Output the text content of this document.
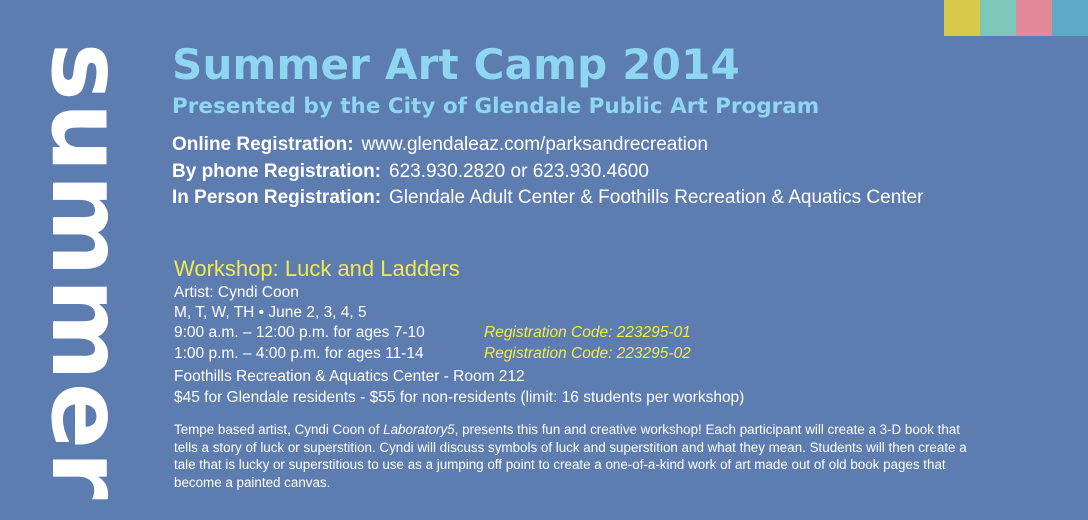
summer Summer Art Camp 2014
Presented by the City of Glendale Public Art Program
Online Registration: www.glendaleaz.com/parksandrecreation
By phone Registration: 623.930.2820 or 623.930.4600
In Person Registration: Glendale Adult Center & Foothills Recreation & Aquatics Center
Workshop: Luck and Ladders
Artist: Cyndi Coon
M, T, W, TH • June 2, 3, 4, 5
9:00 a.m. – 12:00 p.m. for ages 7-10	Registration Code: 223295-01
1:00 p.m. – 4:00 p.m. for ages 11-14	Registration Code: 223295-02
Foothills Recreation & Aquatics Center - Room 212
$45 for Glendale residents - $55 for non-residents (limit: 16 students per workshop)

Tempe based artist, Cyndi Coon of Laboratory5, presents this fun and creative workshop! Each participant will create a 3-D book that tells a story of luck or superstition. Cyndi will discuss symbols of luck and superstition and what they mean. Students will then create a tale that is lucky or superstitious to use as a jumping off point to create a one-of-a-kind work of art made out of old book pages that become a painted canvas.
